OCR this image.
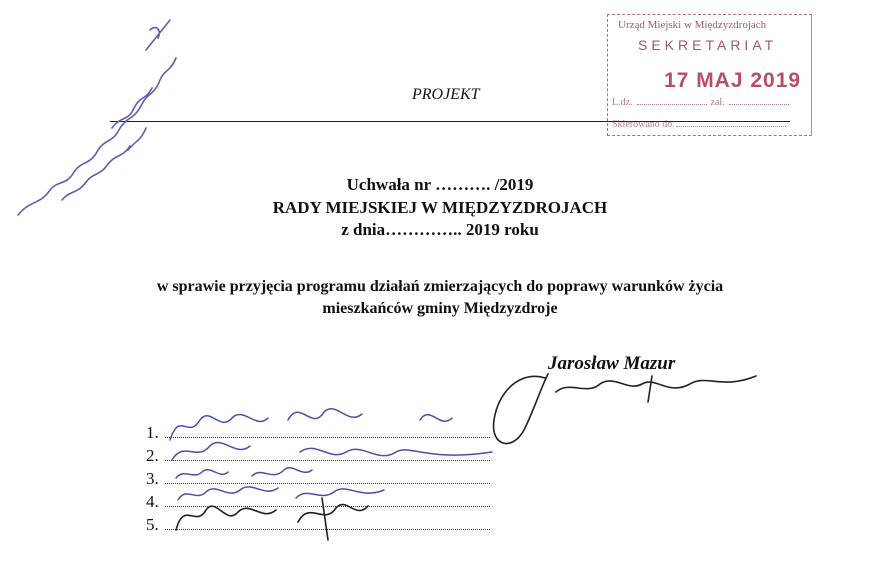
Urząd Miejski w Międzyzdrojach
SEKRETARIAT
17 MAJ 2019
L.dz.	zał.
Skierowano do
PROJEKT
Uchwała nr ………. /2019
RADY MIEJSKIEJ W MIĘDZYZDROJACH
z dnia………….. 2019 roku
w sprawie przyjęcia programu działań zmierzających do poprawy warunków życia
mieszkańców gminy Międzyzdroje
Jarosław Mazur
1.
2.
3.
4.
5.
